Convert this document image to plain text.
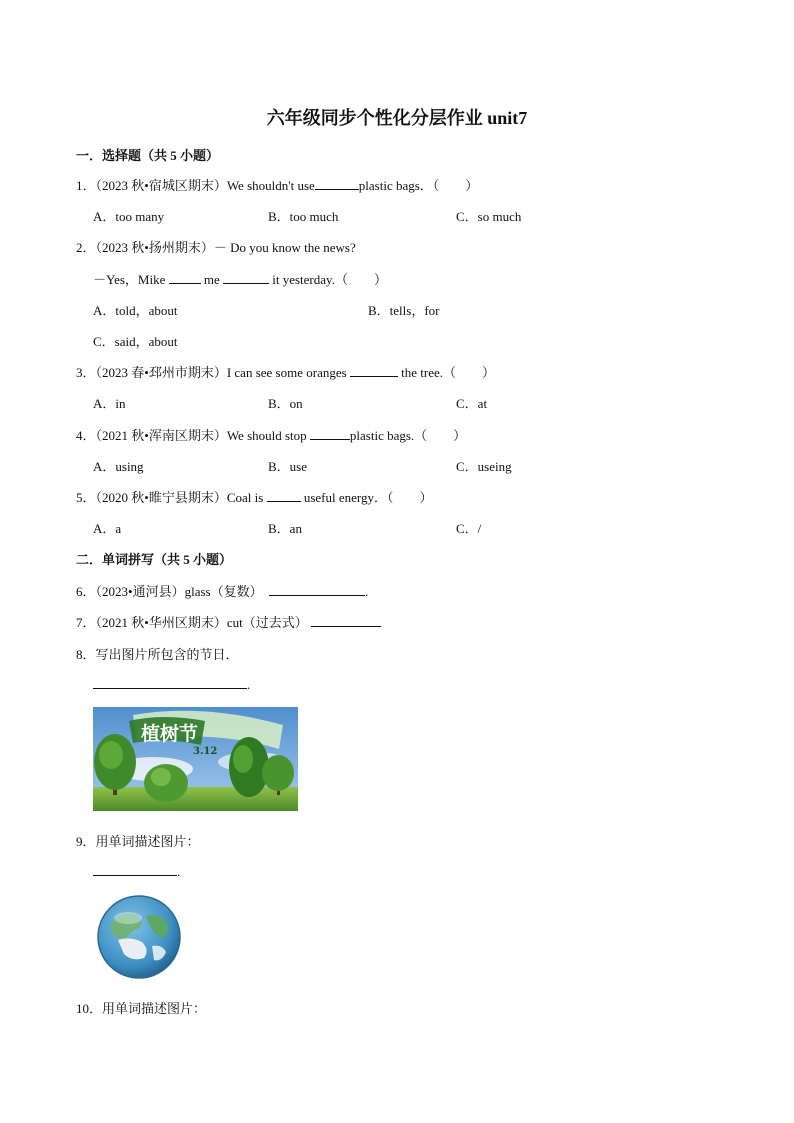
六年级同步个性化分层作业 unit7
一．选择题（共 5 小题）
1．（2023 秋•宿城区期末）We shouldn't use	plastic bags．（　　）
A．too many	B．too much	C．so much
2．（2023 秋•扬州期末）－ Do you know the news?
－Yes，Mike	me	it yesterday.（　　）
A．told，about	B．tells，for
C．said，about
3．（2023 春•邳州市期末）I can see some oranges	the tree.（　　）
A．in	B．on	C．at
4．（2021 秋•浑南区期末）We should stop	plastic bags.（　　）
A．using	B．use	C．useing
5．（2020 秋•睢宁县期末）Coal is	useful energy．（　　）
A．a	B．an	C．/
二．单词拼写（共 5 小题）
6．（2023•通河县）glass（复数）	.
7．（2021 秋•华州区期末）cut（过去式）
8．写出图片所包含的节日．
.
植树节
3.12
9．用单词描述图片：
.
10．用单词描述图片：
